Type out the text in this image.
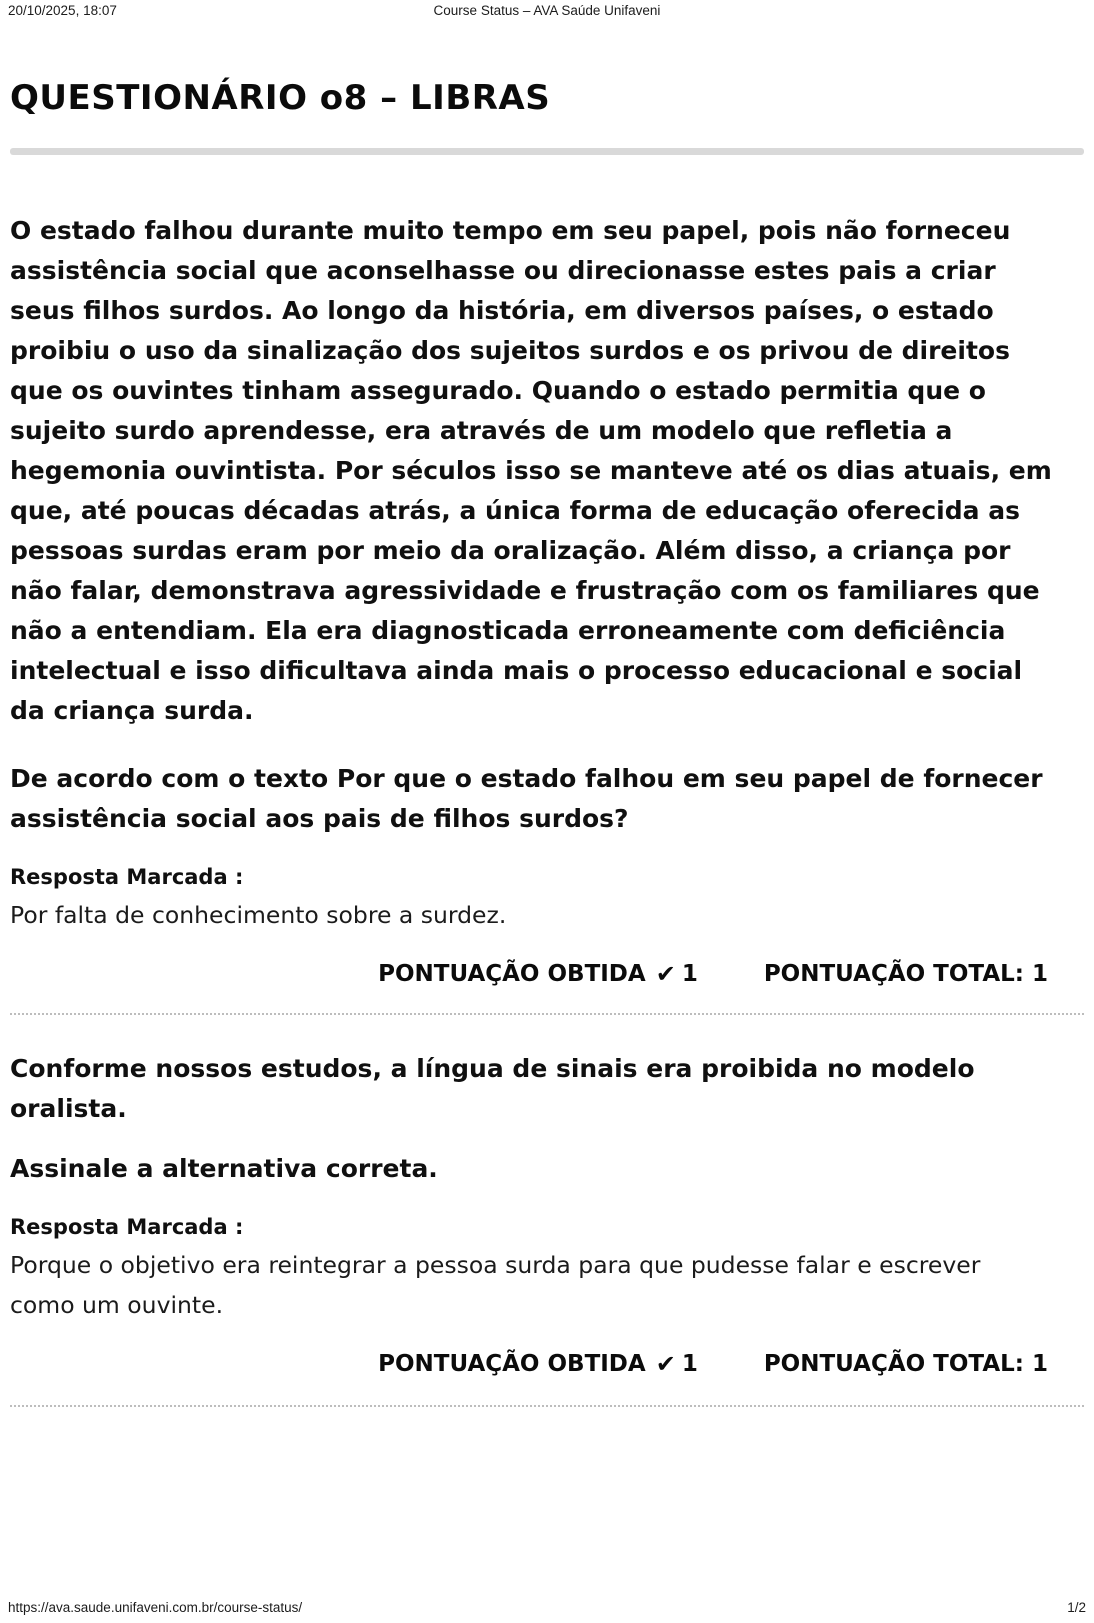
20/10/2025, 18:07	Course Status – AVA Saúde Unifaveni
QUESTIONÁRIO o8 – LIBRAS
O estado falhou durante muito tempo em seu papel, pois não forneceu assistência social que aconselhasse ou direcionasse estes pais a criar seus filhos surdos. Ao longo da história, em diversos países, o estado proibiu o uso da sinalização dos sujeitos surdos e os privou de direitos que os ouvintes tinham assegurado. Quando o estado permitia que o sujeito surdo aprendesse, era através de um modelo que refletia a hegemonia ouvintista. Por séculos isso se manteve até os dias atuais, em que, até poucas décadas atrás, a única forma de educação oferecida as pessoas surdas eram por meio da oralização. Além disso, a criança por não falar, demonstrava agressividade e frustração com os familiares que não a entendiam. Ela era diagnosticada erroneamente com deficiência intelectual e isso dificultava ainda mais o processo educacional e social da criança surda.
De acordo com o texto Por que o estado falhou em seu papel de fornecer assistência social aos pais de filhos surdos?
Resposta Marcada :
Por falta de conhecimento sobre a surdez.
PONTUAÇÃO OBTIDA ✔ 1	PONTUAÇÃO TOTAL: 1
Conforme nossos estudos, a língua de sinais era proibida no modelo oralista.
Assinale a alternativa correta.
Resposta Marcada :
Porque o objetivo era reintegrar a pessoa surda para que pudesse falar e escrever como um ouvinte.
PONTUAÇÃO OBTIDA ✔ 1	PONTUAÇÃO TOTAL: 1
https://ava.saude.unifaveni.com.br/course-status/	1/2
